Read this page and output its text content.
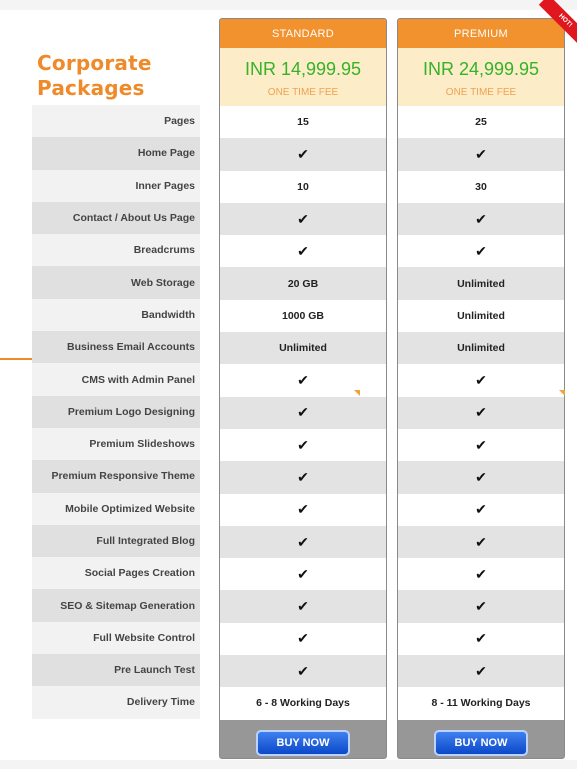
Corporate Packages
Pages
Home Page
Inner Pages
Contact / About Us Page
Breadcrums
Web Storage
Bandwidth
Business Email Accounts
CMS with Admin Panel
Premium Logo Designing
Premium Slideshows
Premium Responsive Theme
Mobile Optimized Website
Full Integrated Blog
Social Pages Creation
SEO & Sitemap Generation
Full Website Control
Pre Launch Test
Delivery Time
STANDARD
INR 14,999.95
ONE TIME FEE
15
✔
10
✔
✔
20 GB
1000 GB
Unlimited
✔
✔
✔
✔
✔
✔
✔
✔
✔
✔
6 - 8 Working Days
BUY NOW
PREMIUM
INR 24,999.95
ONE TIME FEE
25
✔
30
✔
✔
Unlimited
Unlimited
Unlimited
✔
✔
✔
✔
✔
✔
✔
✔
✔
✔
8 - 11 Working Days
BUY NOW
HOT!
